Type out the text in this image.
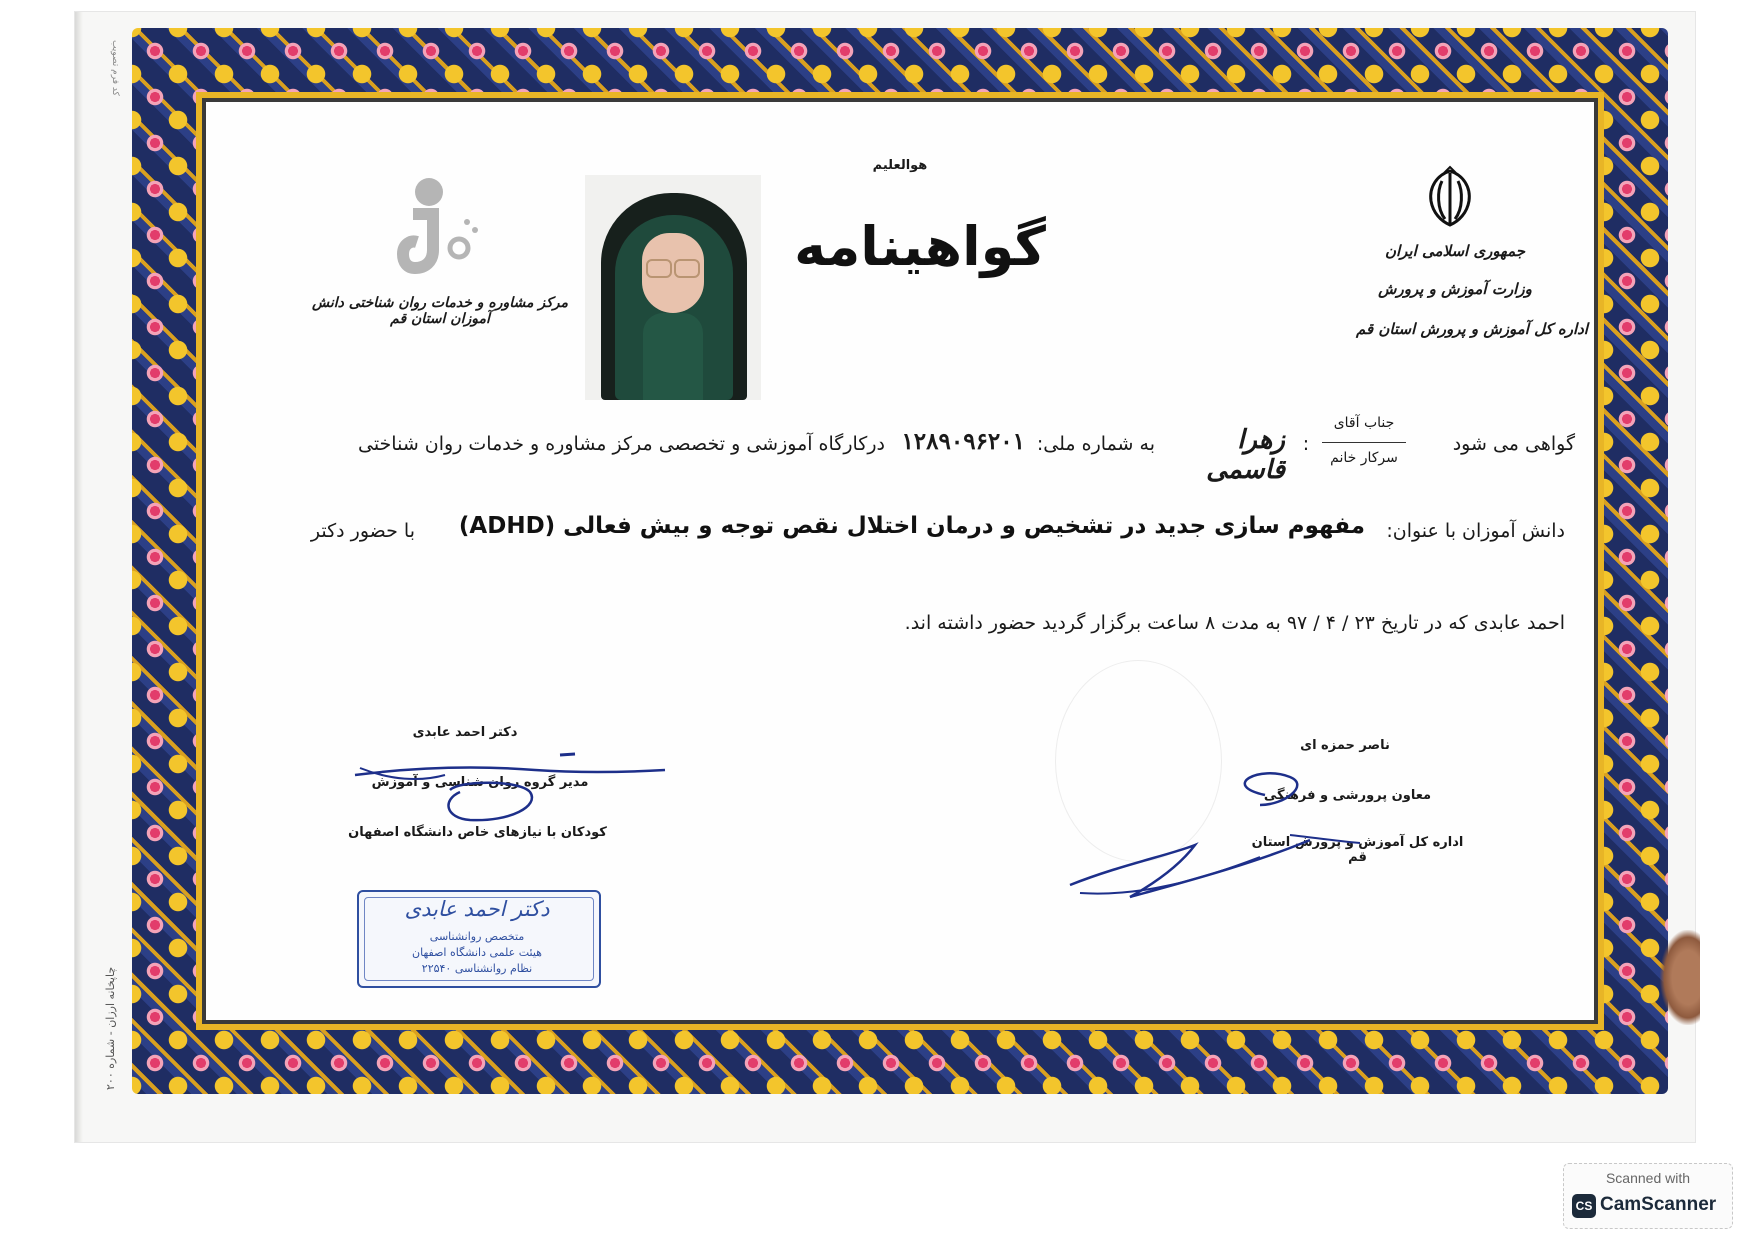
کد فرم تصویب
چاپخانه ارزان - شماره ۲۰۰
جمهوری اسلامی ایران
وزارت آموزش و پرورش
اداره کل آموزش و پرورش استان قم
مرکز مشاوره و خدمات روان شناختی دانش آموزان استان قم
هوالعلیم
گواهینامه
گواهی می شود
جناب آقای
سرکار خانم
:
زهرا قاسمی
به شماره ملی:
۱۲۸۹۰۹۶۲۰۱
درکارگاه آموزشی و تخصصی مرکز مشاوره و خدمات روان شناختی
دانش آموزان با عنوان:
مفهوم سازی جدید در تشخیص و درمان اختلال نقص توجه و بیش فعالی (ADHD)
با حضور دکتر
احمد عابدی که در تاریخ ۲۳ / ۴ / ۹۷ به مدت ۸ ساعت برگزار گردید حضور داشته اند.
دکتر احمد عابدی
مدیر گروه روان شناسی و آموزش
کودکان با نیازهای خاص دانشگاه اصفهان
دکتر احمد عابدی
متخصص روانشناسی
هیئت علمی دانشگاه اصفهان
نظام روانشناسی ۲۲۵۴۰
ناصر حمزه ای
معاون پرورشی و فرهنگی
اداره کل آموزش و پرورش استان قم
Scanned with
CS CamScanner
